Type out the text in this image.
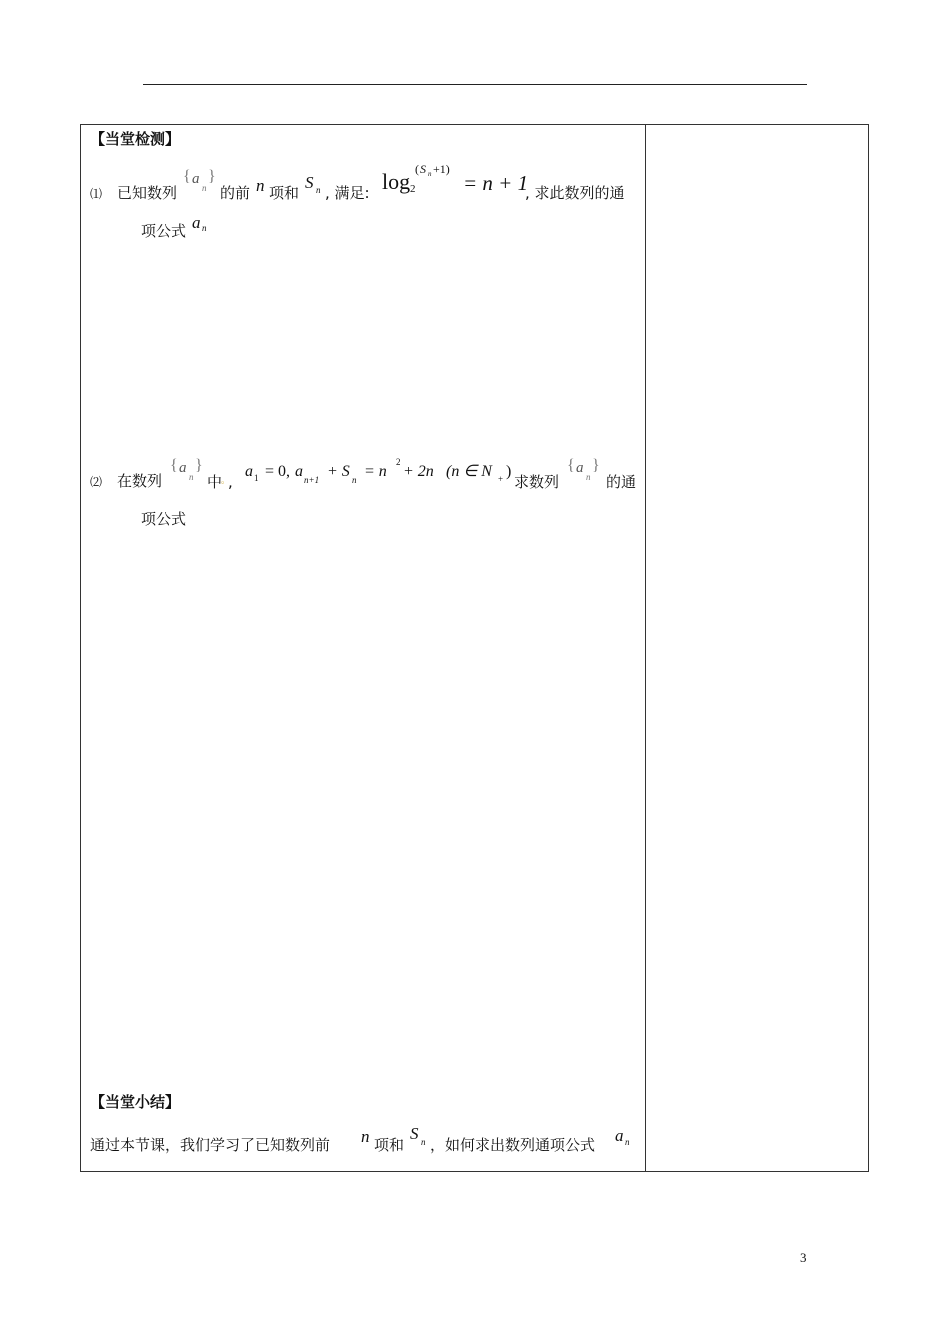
【当堂检测】
⑴ 已知数列
{ a
n
}
的前 n 项和
S n , 满足: log 2
( S n +1)
= n + 1
, 求此数列的通
项公式 a n
⑵ 在数列
{ a
n
}
中
。
,
a 1 = 0, a n+1 + S n = n
2
+ 2n (n ∈ N + )
求数列
{ a
n
}
的通
项公式
【当堂小结】
通过本节课，我们学习了已知数列前 n 项和
S n ，如何求出数列通项公式 a n
3
